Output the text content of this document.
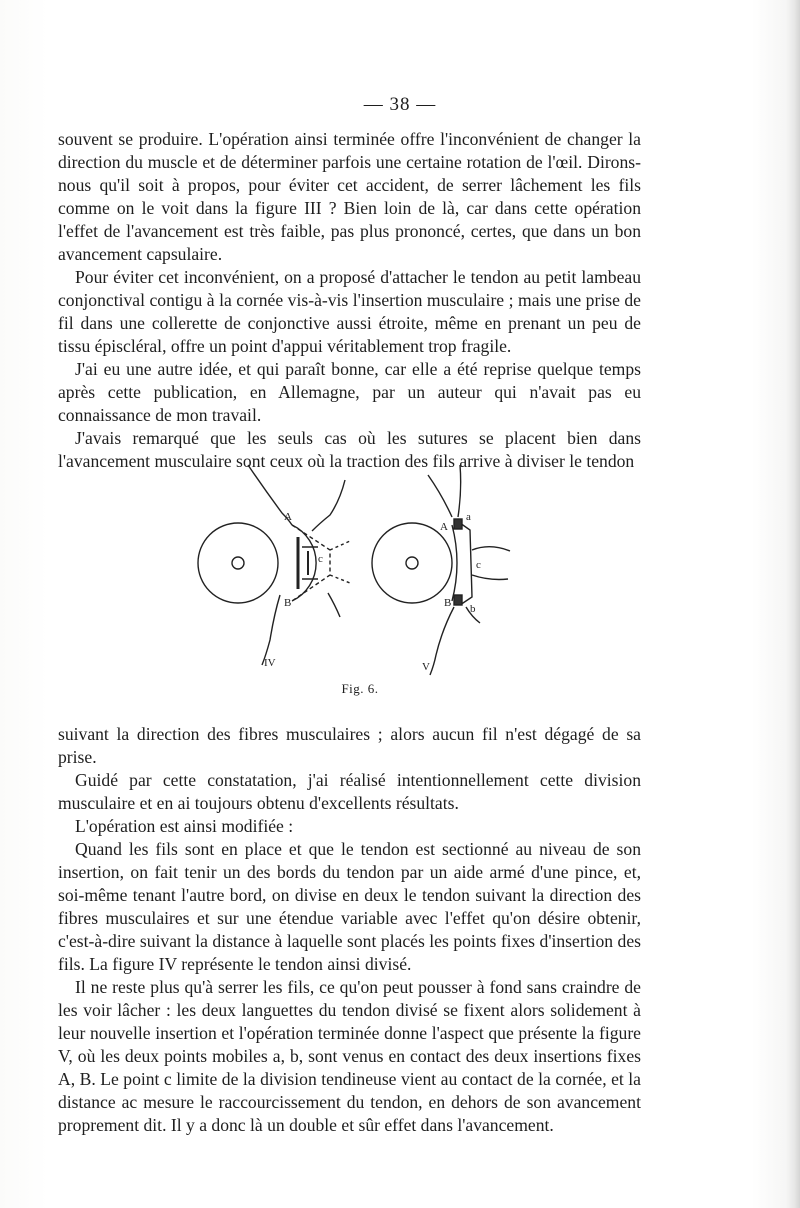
— 38 —

souvent se produire. L'opération ainsi terminée offre l'inconvénient de changer la direction du muscle et de déterminer parfois une certaine rotation de l'œil. Dirons-nous qu'il soit à propos, pour éviter cet accident, de serrer lâchement les fils comme on le voit dans la figure III ? Bien loin de là, car dans cette opération l'effet de l'avancement est très faible, pas plus prononcé, certes, que dans un bon avancement capsulaire.

Pour éviter cet inconvénient, on a proposé d'attacher le tendon au petit lambeau conjonctival contigu à la cornée vis-à-vis l'insertion musculaire ; mais une prise de fil dans une collerette de conjonctive aussi étroite, même en prenant un peu de tissu épiscléral, offre un point d'appui véritablement trop fragile.

J'ai eu une autre idée, et qui paraît bonne, car elle a été reprise quelque temps après cette publication, en Allemagne, par un auteur qui n'avait pas eu connaissance de mon travail.

J'avais remarqué que les seuls cas où les sutures se placent bien dans l'avancement musculaire sont ceux où la traction des fils arrive à diviser le tendon

A
B
c
IV
A
a
c
B b
V
Fig. 6.

suivant la direction des fibres musculaires ; alors aucun fil n'est dégagé de sa prise.

Guidé par cette constatation, j'ai réalisé intentionnellement cette division musculaire et en ai toujours obtenu d'excellents résultats.

L'opération est ainsi modifiée :

Quand les fils sont en place et que le tendon est sectionné au niveau de son insertion, on fait tenir un des bords du tendon par un aide armé d'une pince, et, soi-même tenant l'autre bord, on divise en deux le tendon suivant la direction des fibres musculaires et sur une étendue variable avec l'effet qu'on désire obtenir, c'est-à-dire suivant la distance à laquelle sont placés les points fixes d'insertion des fils. La figure IV représente le tendon ainsi divisé.

Il ne reste plus qu'à serrer les fils, ce qu'on peut pousser à fond sans craindre de les voir lâcher : les deux languettes du tendon divisé se fixent alors solidement à leur nouvelle insertion et l'opération terminée donne l'aspect que présente la figure V, où les deux points mobiles a, b, sont venus en contact des deux insertions fixes A, B. Le point c limite de la division tendineuse vient au contact de la cornée, et la distance ac mesure le raccourcissement du tendon, en dehors de son avancement proprement dit. Il y a donc là un double et sûr effet dans l'avancement.
